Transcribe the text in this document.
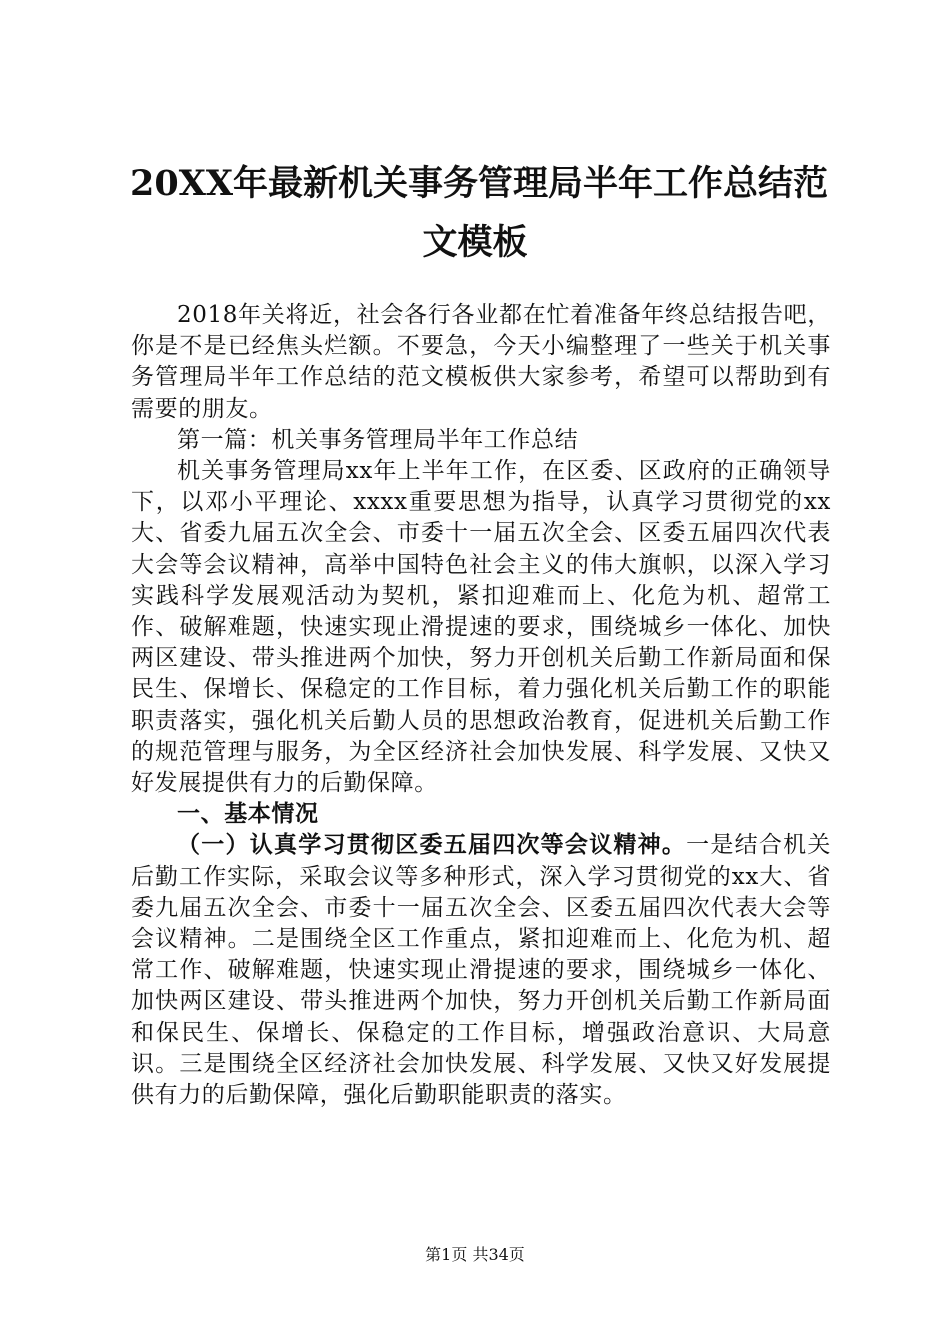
20XX年最新机关事务管理局半年工作总结范
文模板

2018年关将近，社会各行各业都在忙着准备年终总结报告吧，你是不是已经焦头烂额。不要急，今天小编整理了一些关于机关事务管理局半年工作总结的范文模板供大家参考，希望可以帮助到有需要的朋友。

第一篇：机关事务管理局半年工作总结

机关事务管理局xx年上半年工作，在区委、区政府的正确领导下，以邓小平理论、xxxx重要思想为指导，认真学习贯彻党的xx大、省委九届五次全会、市委十一届五次全会、区委五届四次代表大会等会议精神，高举中国特色社会主义的伟大旗帜，以深入学习实践科学发展观活动为契机，紧扣迎难而上、化危为机、超常工作、破解难题，快速实现止滑提速的要求，围绕城乡一体化、加快两区建设、带头推进两个加快，努力开创机关后勤工作新局面和保民生、保增长、保稳定的工作目标，着力强化机关后勤工作的职能职责落实，强化机关后勤人员的思想政治教育，促进机关后勤工作的规范管理与服务，为全区经济社会加快发展、科学发展、又快又好发展提供有力的后勤保障。

一、基本情况

（一）认真学习贯彻区委五届四次等会议精神。一是结合机关后勤工作实际，采取会议等多种形式，深入学习贯彻党的xx大、省委九届五次全会、市委十一届五次全会、区委五届四次代表大会等会议精神。二是围绕全区工作重点，紧扣迎难而上、化危为机、超常工作、破解难题，快速实现止滑提速的要求，围绕城乡一体化、加快两区建设、带头推进两个加快，努力开创机关后勤工作新局面和保民生、保增长、保稳定的工作目标，增强政治意识、大局意识。三是围绕全区经济社会加快发展、科学发展、又快又好发展提供有力的后勤保障，强化后勤职能职责的落实。

第1页 共34页
